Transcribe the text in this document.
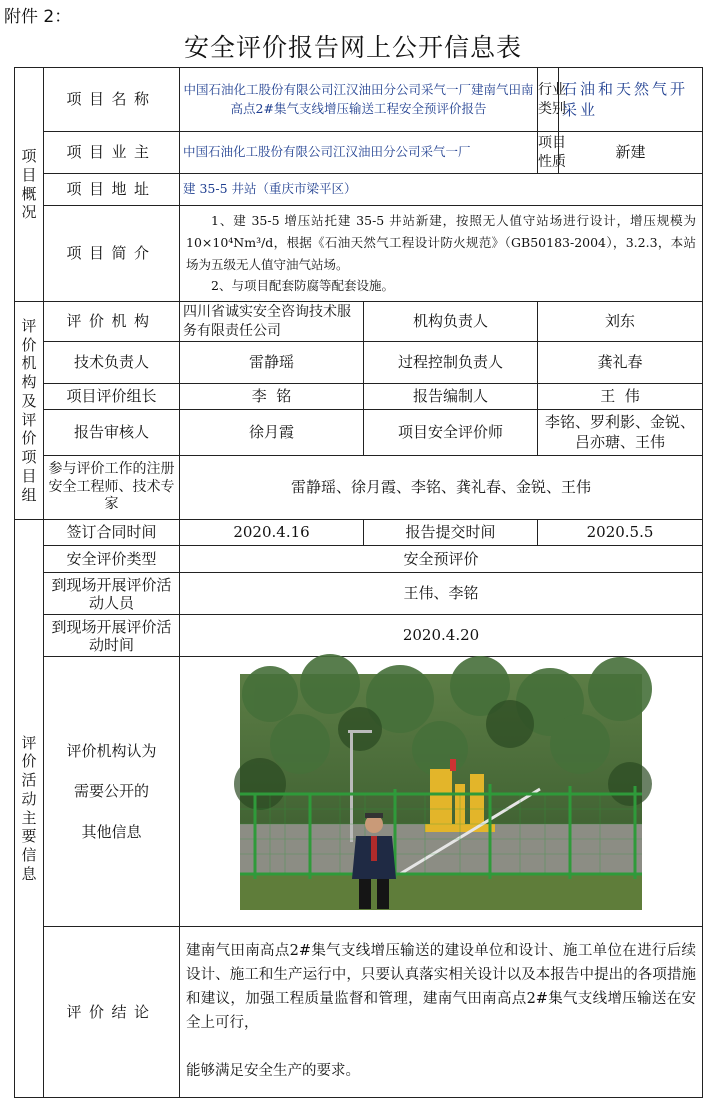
附件 2：
安全评价报告网上公开信息表
项目概况	项目名称	中国石油化工股份有限公司江汉油田分公司采气一厂建南气田南高点2#集气支线增压输送工程安全预评价报告		行业类别	石油和天然气开采业
	项目业主	中国石油化工股份有限公司江汉油田分公司采气一厂		项目性质	新建
	项目地址	建 35-5 井站（重庆市梁平区）			
	项目简介	1、建 35-5 增压站托建 35-5 井站新建，按照无人值守站场进行设计，增压规模为 10×10⁴Nm³/d，根据《石油天然气工程设计防火规范》（GB50183-2004），3.2.3，本站场为五级无人值守油气站场。
2、与项目配套防腐等配套设施。			

评价机构及评价项目组	评价机构	四川省诚实安全咨询技术服务有限责任公司	机构负责人	刘东	
	技术负责人	雷静瑶	过程控制负责人	龚礼春	
	项目评价组长	李  铭	报告编制人	王  伟	
	报告审核人	徐月霞	项目安全评价师	李铭、罗利影、金锐、吕亦瑭、王伟	
	参与评价工作的注册安全工程师、技术专家	雷静瑶、徐月霞、李铭、龚礼春、金锐、王伟			
评价活动主要信息	签订合同时间	2020.4.16	报告提交时间	2020.5.5	
	安全评价类型	安全预评价			
	到现场开展评价活动人员	王伟、李铭			
	到现场开展评价活动时间	2020.4.20			

	评价机构认为
需要公开的
其他信息

	评价结论	建南气田南高点2#集气支线增压输送的建设单位和设计、施工单位在进行后续设计、施工和生产运行中，只要认真落实相关设计以及本报告中提出的各项措施和建议，加强工程质量监督和管理，建南气田南高点2#集气支线增压输送在安全上可行，

能够满足安全生产的要求。			
